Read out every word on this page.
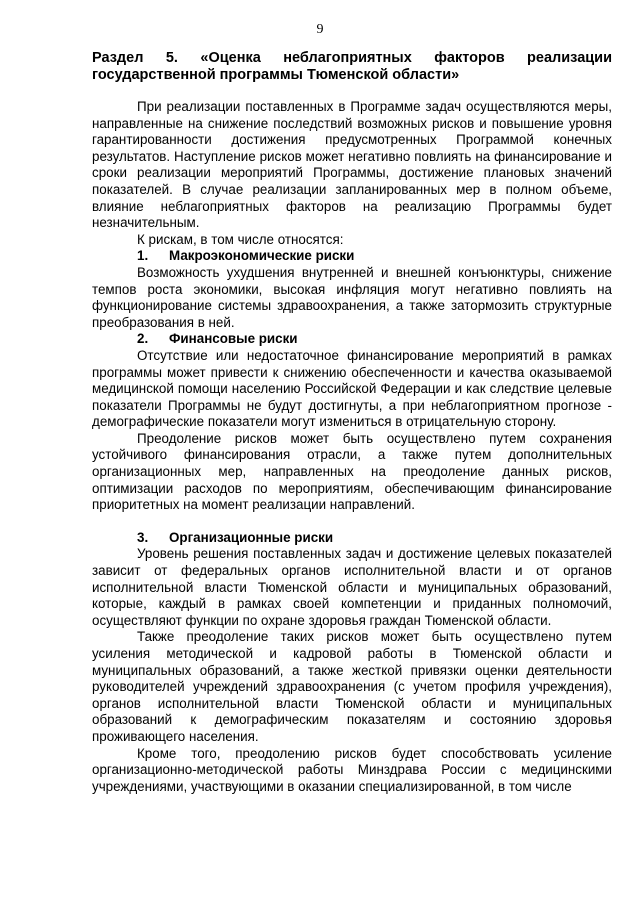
9
Раздел 5. «Оценка неблагоприятных факторов реализации государственной программы Тюменской области»

При реализации поставленных в Программе задач осуществляются меры, направленные на снижение последствий возможных рисков и повышение уровня гарантированности достижения предусмотренных Программой конечных результатов. Наступление рисков может негативно повлиять на финансирование и сроки реализации мероприятий Программы, достижение плановых значений показателей. В случае реализации запланированных мер в полном объеме, влияние неблагоприятных факторов на реализацию Программы будет незначительным.

К рискам, в том числе относятся:

1. Макроэкономические риски

Возможность ухудшения внутренней и внешней конъюнктуры, снижение темпов роста экономики, высокая инфляция могут негативно повлиять на функционирование системы здравоохранения, а также затормозить структурные преобразования в ней.

2. Финансовые риски

Отсутствие или недостаточное финансирование мероприятий в рамках программы может привести к снижению обеспеченности и качества оказываемой медицинской помощи населению Российской Федерации и как следствие целевые показатели Программы не будут достигнуты, а при неблагоприятном прогнозе - демографические показатели могут измениться в отрицательную сторону.

Преодоление рисков может быть осуществлено путем сохранения устойчивого финансирования отрасли, а также путем дополнительных организационных мер, направленных на преодоление данных рисков, оптимизации расходов по мероприятиям, обеспечивающим финансирование приоритетных на момент реализации направлений.

3. Организационные риски

Уровень решения поставленных задач и достижение целевых показателей зависит от федеральных органов исполнительной власти и от органов исполнительной власти Тюменской области и муниципальных образований, которые, каждый в рамках своей компетенции и приданных полномочий, осуществляют функции по охране здоровья граждан Тюменской области.

Также преодоление таких рисков может быть осуществлено путем усиления методической и кадровой работы в Тюменской области и муниципальных образований, а также жесткой привязки оценки деятельности руководителей учреждений здравоохранения (с учетом профиля учреждения), органов исполнительной власти Тюменской области и муниципальных образований к демографическим показателям и состоянию здоровья проживающего населения.

Кроме того, преодолению рисков будет способствовать усиление организационно-методической работы Минздрава России с медицинскими учреждениями, участвующими в оказании специализированной, в том числе
